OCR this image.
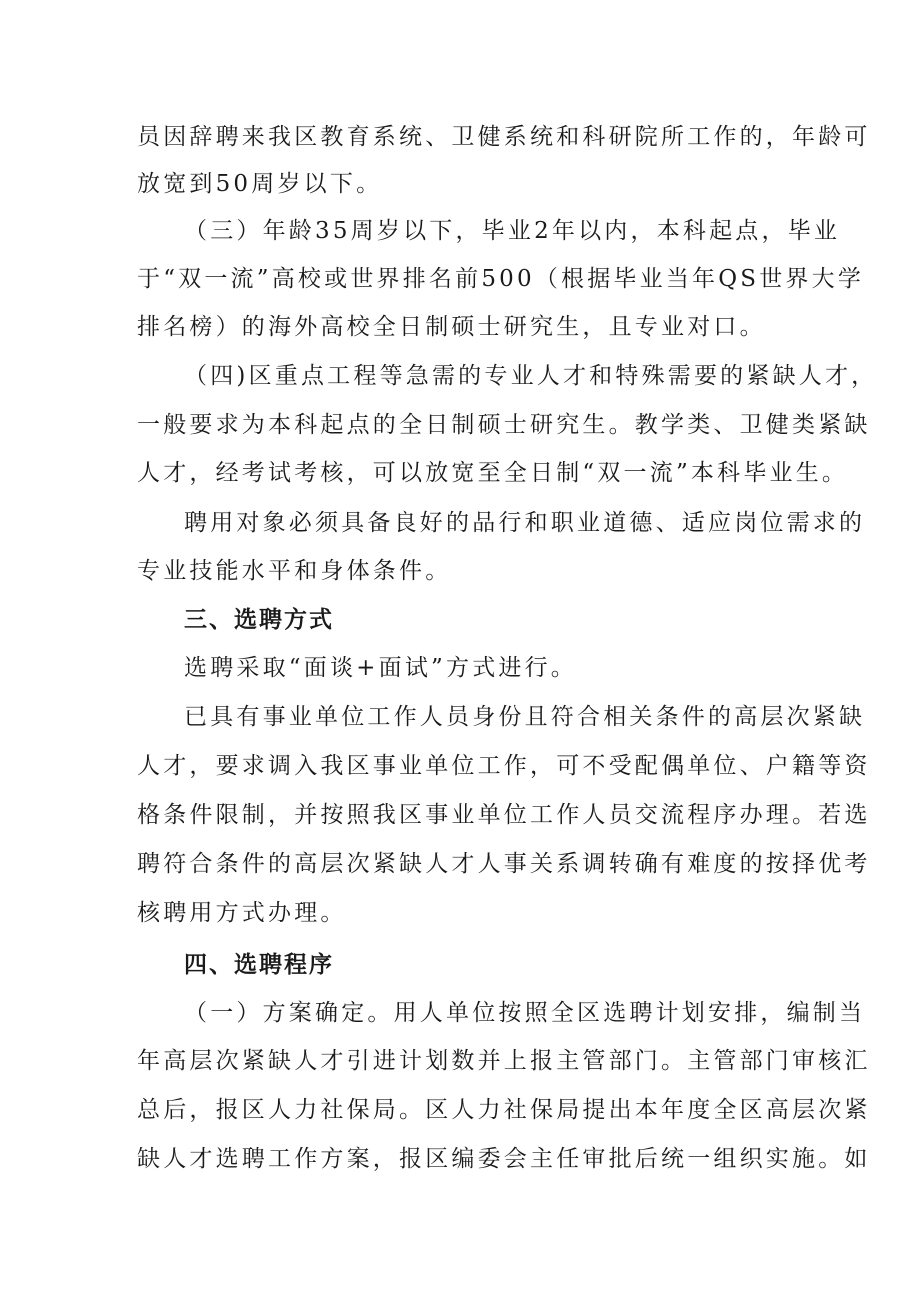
员因辞聘来我区教育系统、卫健系统和科研院所工作的，年龄可
放宽到50周岁以下。
（三）年龄35周岁以下，毕业2年以内，本科起点，毕业
于“双一流”高校或世界排名前500（根据毕业当年QS世界大学
排名榜）的海外高校全日制硕士研究生，且专业对口。
（四)区重点工程等急需的专业人才和特殊需要的紧缺人才，
一般要求为本科起点的全日制硕士研究生。教学类、卫健类紧缺
人才，经考试考核，可以放宽至全日制“双一流”本科毕业生。
聘用对象必须具备良好的品行和职业道德、适应岗位需求的
专业技能水平和身体条件。
三、选聘方式
选聘采取“面谈+面试”方式进行。
已具有事业单位工作人员身份且符合相关条件的高层次紧缺
人才，要求调入我区事业单位工作，可不受配偶单位、户籍等资
格条件限制，并按照我区事业单位工作人员交流程序办理。若选
聘符合条件的高层次紧缺人才人事关系调转确有难度的按择优考
核聘用方式办理。
四、选聘程序
（一）方案确定。用人单位按照全区选聘计划安排，编制当
年高层次紧缺人才引进计划数并上报主管部门。主管部门审核汇
总后，报区人力社保局。区人力社保局提出本年度全区高层次紧
缺人才选聘工作方案，报区编委会主任审批后统一组织实施。如
